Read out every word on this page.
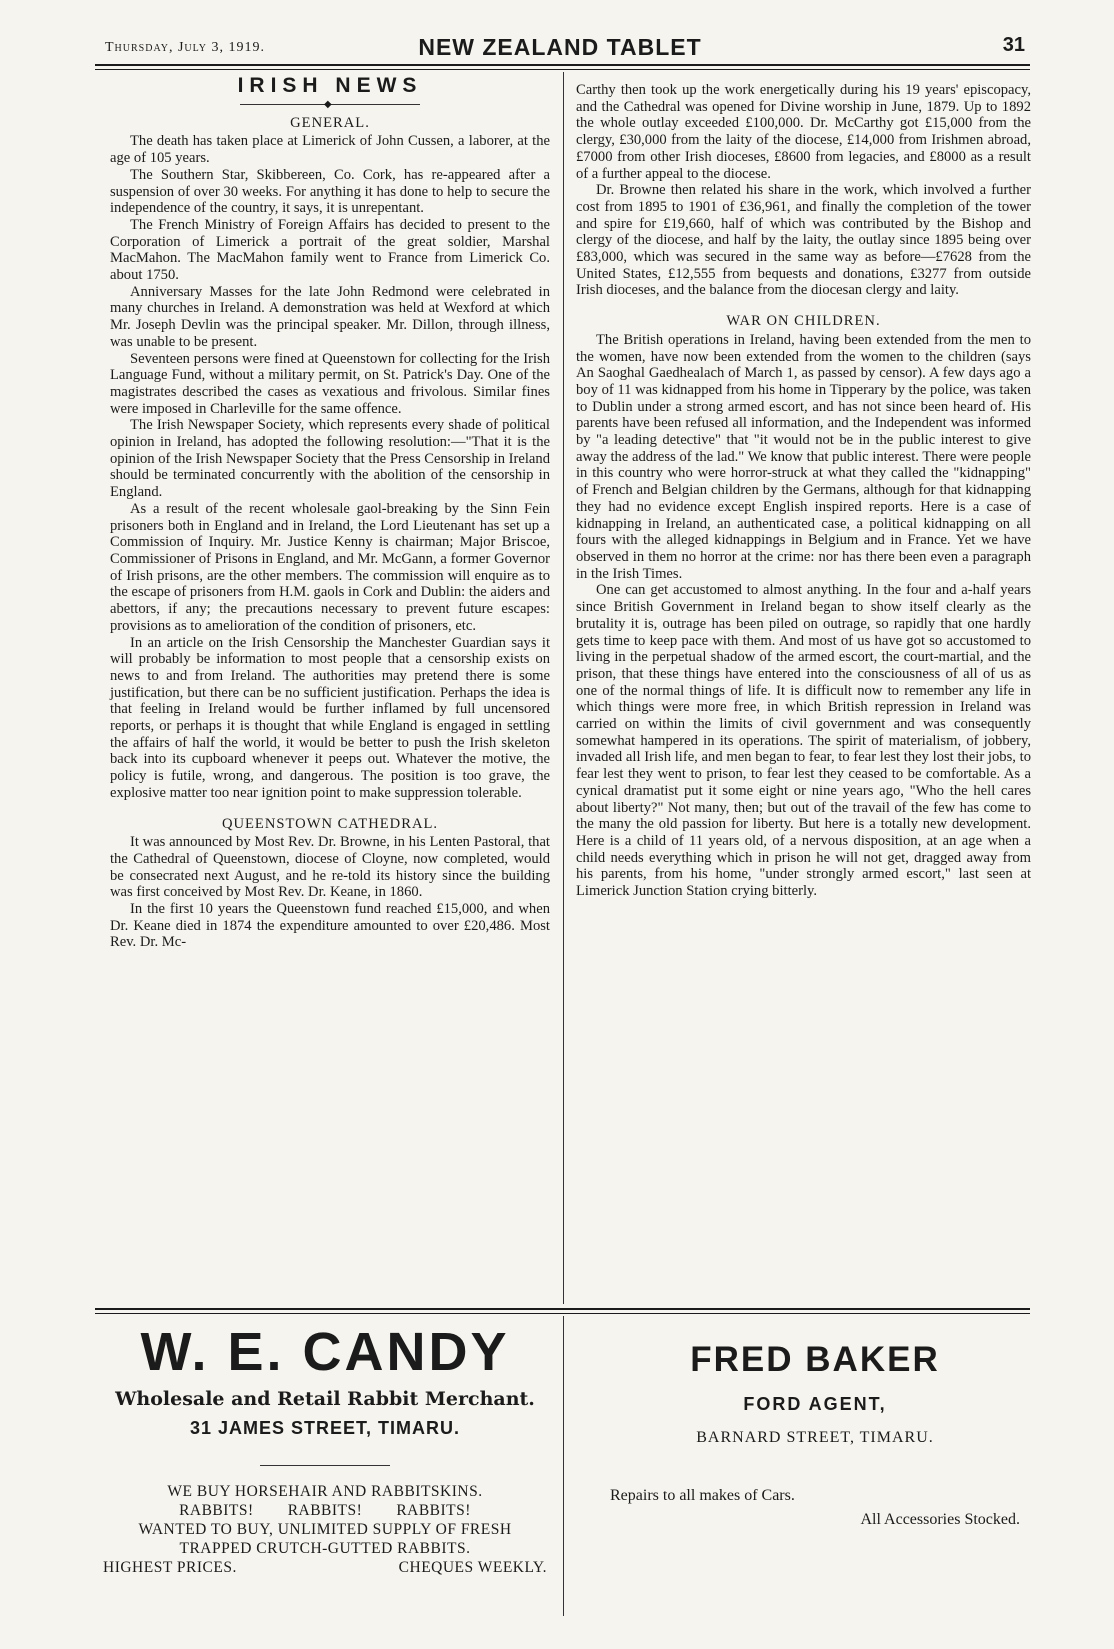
Thursday, July 3, 1919.	NEW ZEALAND TABLET	31
IRISH NEWS
◆
GENERAL.

The death has taken place at Limerick of John Cussen, a laborer, at the age of 105 years.

The Southern Star, Skibbereen, Co. Cork, has re-appeared after a suspension of over 30 weeks. For anything it has done to help to secure the independence of the country, it says, it is unrepentant.

The French Ministry of Foreign Affairs has decided to present to the Corporation of Limerick a portrait of the great soldier, Marshal MacMahon. The MacMahon family went to France from Limerick Co. about 1750.

Anniversary Masses for the late John Redmond were celebrated in many churches in Ireland. A demonstration was held at Wexford at which Mr. Joseph Devlin was the principal speaker. Mr. Dillon, through illness, was unable to be present.

Seventeen persons were fined at Queenstown for collecting for the Irish Language Fund, without a military permit, on St. Patrick's Day. One of the magistrates described the cases as vexatious and frivolous. Similar fines were imposed in Charleville for the same offence.

The Irish Newspaper Society, which represents every shade of political opinion in Ireland, has adopted the following resolution:—"That it is the opinion of the Irish Newspaper Society that the Press Censorship in Ireland should be terminated concurrently with the abolition of the censorship in England.

As a result of the recent wholesale gaol-breaking by the Sinn Fein prisoners both in England and in Ireland, the Lord Lieutenant has set up a Commission of Inquiry. Mr. Justice Kenny is chairman; Major Briscoe, Commissioner of Prisons in England, and Mr. McGann, a former Governor of Irish prisons, are the other members. The commission will enquire as to the escape of prisoners from H.M. gaols in Cork and Dublin: the aiders and abettors, if any; the precautions necessary to prevent future escapes: provisions as to amelioration of the condition of prisoners, etc.

In an article on the Irish Censorship the Manchester Guardian says it will probably be information to most people that a censorship exists on news to and from Ireland. The authorities may pretend there is some justification, but there can be no sufficient justification. Perhaps the idea is that feeling in Ireland would be further inflamed by full uncensored reports, or perhaps it is thought that while England is engaged in settling the affairs of half the world, it would be better to push the Irish skeleton back into its cupboard whenever it peeps out. Whatever the motive, the policy is futile, wrong, and dangerous. The position is too grave, the explosive matter too near ignition point to make suppression tolerable.

QUEENSTOWN CATHEDRAL.

It was announced by Most Rev. Dr. Browne, in his Lenten Pastoral, that the Cathedral of Queenstown, diocese of Cloyne, now completed, would be consecrated next August, and he re-told its history since the building was first conceived by Most Rev. Dr. Keane, in 1860.

In the first 10 years the Queenstown fund reached £15,000, and when Dr. Keane died in 1874 the expenditure amounted to over £20,486. Most Rev. Dr. Mc-

Carthy then took up the work energetically during his 19 years' episcopacy, and the Cathedral was opened for Divine worship in June, 1879. Up to 1892 the whole outlay exceeded £100,000. Dr. McCarthy got £15,000 from the clergy, £30,000 from the laity of the diocese, £14,000 from Irishmen abroad, £7000 from other Irish dioceses, £8600 from legacies, and £8000 as a result of a further appeal to the diocese.

Dr. Browne then related his share in the work, which involved a further cost from 1895 to 1901 of £36,961, and finally the completion of the tower and spire for £19,660, half of which was contributed by the Bishop and clergy of the diocese, and half by the laity, the outlay since 1895 being over £83,000, which was secured in the same way as before—£7628 from the United States, £12,555 from bequests and donations, £3277 from outside Irish dioceses, and the balance from the diocesan clergy and laity.

WAR ON CHILDREN.

The British operations in Ireland, having been extended from the men to the women, have now been extended from the women to the children (says An Saoghal Gaedhealach of March 1, as passed by censor). A few days ago a boy of 11 was kidnapped from his home in Tipperary by the police, was taken to Dublin under a strong armed escort, and has not since been heard of. His parents have been refused all information, and the Independent was informed by "a leading detective" that "it would not be in the public interest to give away the address of the lad." We know that public interest. There were people in this country who were horror-struck at what they called the "kidnapping" of French and Belgian children by the Germans, although for that kidnapping they had no evidence except English inspired reports. Here is a case of kidnapping in Ireland, an authenticated case, a political kidnapping on all fours with the alleged kidnappings in Belgium and in France. Yet we have observed in them no horror at the crime: nor has there been even a paragraph in the Irish Times.

One can get accustomed to almost anything. In the four and a-half years since British Government in Ireland began to show itself clearly as the brutality it is, outrage has been piled on outrage, so rapidly that one hardly gets time to keep pace with them. And most of us have got so accustomed to living in the perpetual shadow of the armed escort, the court-martial, and the prison, that these things have entered into the consciousness of all of us as one of the normal things of life. It is difficult now to remember any life in which things were more free, in which British repression in Ireland was carried on within the limits of civil government and was consequently somewhat hampered in its operations. The spirit of materialism, of jobbery, invaded all Irish life, and men began to fear, to fear lest they lost their jobs, to fear lest they went to prison, to fear lest they ceased to be comfortable. As a cynical dramatist put it some eight or nine years ago, "Who the hell cares about liberty?" Not many, then; but out of the travail of the few has come to the many the old passion for liberty. But here is a totally new development. Here is a child of 11 years old, of a nervous disposition, at an age when a child needs everything which in prison he will not get, dragged away from his parents, from his home, "under strongly armed escort," last seen at Limerick Junction Station crying bitterly.

W. E. CANDY
Wholesale and Retail Rabbit Merchant.
31 JAMES STREET, TIMARU.
WE BUY HORSEHAIR AND RABBITSKINS.
RABBITS! RABBITS! RABBITS!
WANTED TO BUY, UNLIMITED SUPPLY OF FRESH
TRAPPED CRUTCH-GUTTED RABBITS.
HIGHEST PRICES.	CHEQUES WEEKLY.
FRED BAKER
FORD AGENT,
BARNARD STREET, TIMARU.
Repairs to all makes of Cars.
All Accessories Stocked.
